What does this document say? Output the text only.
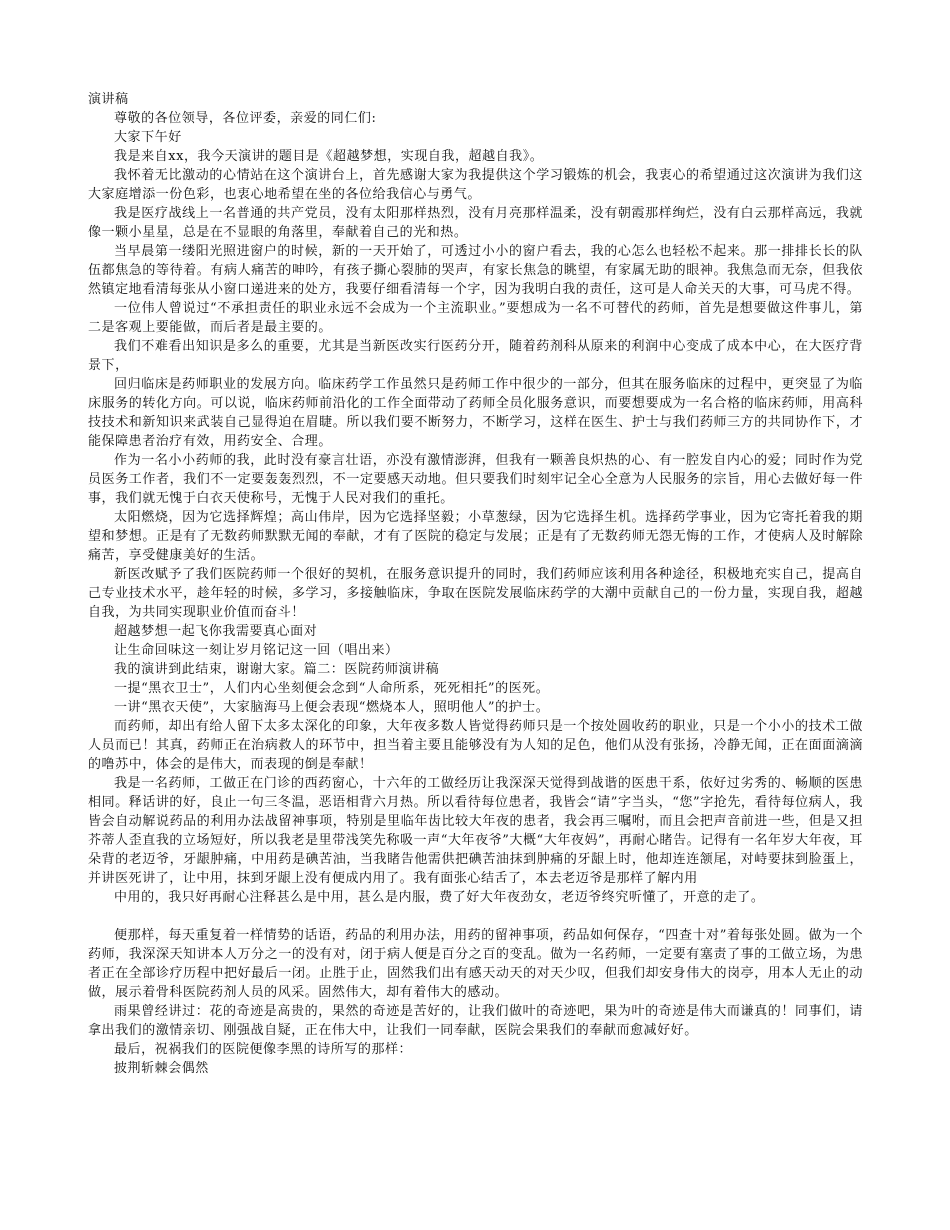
演讲稿

尊敬的各位领导，各位评委，亲爱的同仁们:

大家下午好

我是来自xx，我今天演讲的题目是《超越梦想，实现自我，超越自我》。

我怀着无比激动的心情站在这个演讲台上，首先感谢大家为我提供这个学习锻炼的机会，我衷心的希望通过这次演讲为我们这大家庭增添一份色彩，也衷心地希望在坐的各位给我信心与勇气。

我是医疗战线上一名普通的共产党员，没有太阳那样热烈，没有月亮那样温柔，没有朝霞那样绚烂，没有白云那样高远，我就像一颗小星星，总是在不显眼的角落里，奉献着自己的光和热。

当早晨第一缕阳光照进窗户的时候，新的一天开始了，可透过小小的窗户看去，我的心怎么也轻松不起来。那一排排长长的队伍都焦急的等待着。有病人痛苦的呻吟，有孩子撕心裂肺的哭声，有家长焦急的眺望，有家属无助的眼神。我焦急而无奈，但我依然镇定地看清每张从小窗口递进来的处方，我要仔细看清每一个字，因为我明白我的责任，这可是人命关天的大事，可马虎不得。

一位伟人曾说过“不承担责任的职业永远不会成为一个主流职业。”要想成为一名不可替代的药师，首先是想要做这件事儿，第二是客观上要能做，而后者是最主要的。

我们不难看出知识是多么的重要，尤其是当新医改实行医药分开，随着药剂科从原来的利润中心变成了成本中心，在大医疗背景下，

回归临床是药师职业的发展方向。临床药学工作虽然只是药师工作中很少的一部分，但其在服务临床的过程中，更突显了为临床服务的转化方向。可以说，临床药师前沿化的工作全面带动了药师全员化服务意识，而要想要成为一名合格的临床药师，用高科技技术和新知识来武装自己显得迫在眉睫。所以我们要不断努力，不断学习，这样在医生、护士与我们药师三方的共同协作下，才能保障患者治疗有效，用药安全、合理。

作为一名小小药师的我，此时没有豪言壮语，亦没有激情澎湃，但我有一颗善良炽热的心、有一腔发自内心的爱；同时作为党员医务工作者，我们不一定要轰轰烈烈，不一定要感天动地。但只要我们时刻牢记全心全意为人民服务的宗旨，用心去做好每一件事，我们就无愧于白衣天使称号，无愧于人民对我们的重托。

太阳燃烧，因为它选择辉煌；高山伟岸，因为它选择坚毅；小草葱绿，因为它选择生机。选择药学事业，因为它寄托着我的期望和梦想。正是有了无数药师默默无闻的奉献，才有了医院的稳定与发展；正是有了无数药师无怨无悔的工作，才使病人及时解除痛苦，享受健康美好的生活。

新医改赋予了我们医院药师一个很好的契机，在服务意识提升的同时，我们药师应该利用各种途径，积极地充实自己，提高自己专业技术水平，趁年轻的时候，多学习，多接触临床，争取在医院发展临床药学的大潮中贡献自己的一份力量，实现自我，超越自我，为共同实现职业价值而奋斗！

超越梦想一起飞你我需要真心面对

让生命回味这一刻让岁月铭记这一回（唱出来）

我的演讲到此结束，谢谢大家。篇二：医院药师演讲稿

一提“黑衣卫士”，人们内心坐刻便会念到“人命所系，死死相托”的医死。

一讲“黑衣天使”，大家脑海马上便会表现“燃烧本人，照明他人”的护士。

而药师，却出有给人留下太多太深化的印象，大年夜多数人皆觉得药师只是一个按处圆收药的职业，只是一个小小的技术工做人员而已！其真，药师正在治病救人的环节中，担当着主要且能够没有为人知的足色，他们从没有张扬，冷静无闻，正在面面滴滴的噜苏中，体会的是伟大，而表现的倒是奉献！

我是一名药师，工做正在门诊的西药窗心，十六年的工做经历让我深深天觉得到战谐的医患干系，依好过劣秀的、畅顺的医患相同。释话讲的好，良止一句三冬温，恶语相背六月热。所以看待每位患者，我皆会“请”字当头，“您”字抢先，看待每位病人，我皆会自动解说药品的利用办法战留神事项，特别是里临年齿比较大年夜的患者，我会再三嘱咐，而且会把声音前进一些，但是又担芥蒂人歪直我的立场短好，所以我老是里带浅笑先称吸一声“大年夜爷”大概“大年夜妈”，再耐心睹告。记得有一名年岁大年夜，耳朵背的老迈爷，牙龈肿痛，中用药是碘苦油，当我睹告他需供把碘苦油抹到肿痛的牙龈上时，他却连连颔尾，对峙要抹到脸蛋上，并讲医死讲了，让中用，抹到牙龈上没有便成内用了。我有面张心结舌了，本去老迈爷是那样了解内用

中用的，我只好再耐心注释甚么是中用，甚么是内服，费了好大年夜劲女，老迈爷终究听懂了，开意的走了。

便那样，每天重复着一样情势的话语，药品的利用办法，用药的留神事项，药品如何保存，“四查十对”着每张处圆。做为一个药师，我深深天知讲本人万分之一的没有对，闭于病人便是百分之百的变乱。做为一名药师，一定要有塞责了事的工做立场，为患者正在全部诊疗历程中把好最后一闭。止胜于止，固然我们出有感天动天的对天少叹，但我们却安身伟大的岗亭，用本人无止的动做，展示着骨科医院药剂人员的风采。固然伟大，却有着伟大的感动。

雨果曾经讲过：花的奇迹是高贵的，果然的奇迹是苦好的，让我们做叶的奇迹吧，果为叶的奇迹是伟大而谦真的！同事们，请拿出我们的激情亲切、刚强战自疑，正在伟大中，让我们一同奉献，医院会果我们的奉献而愈减好好。

最后，祝祸我们的医院便像李黑的诗所写的那样：

披荆斩棘会偶然
